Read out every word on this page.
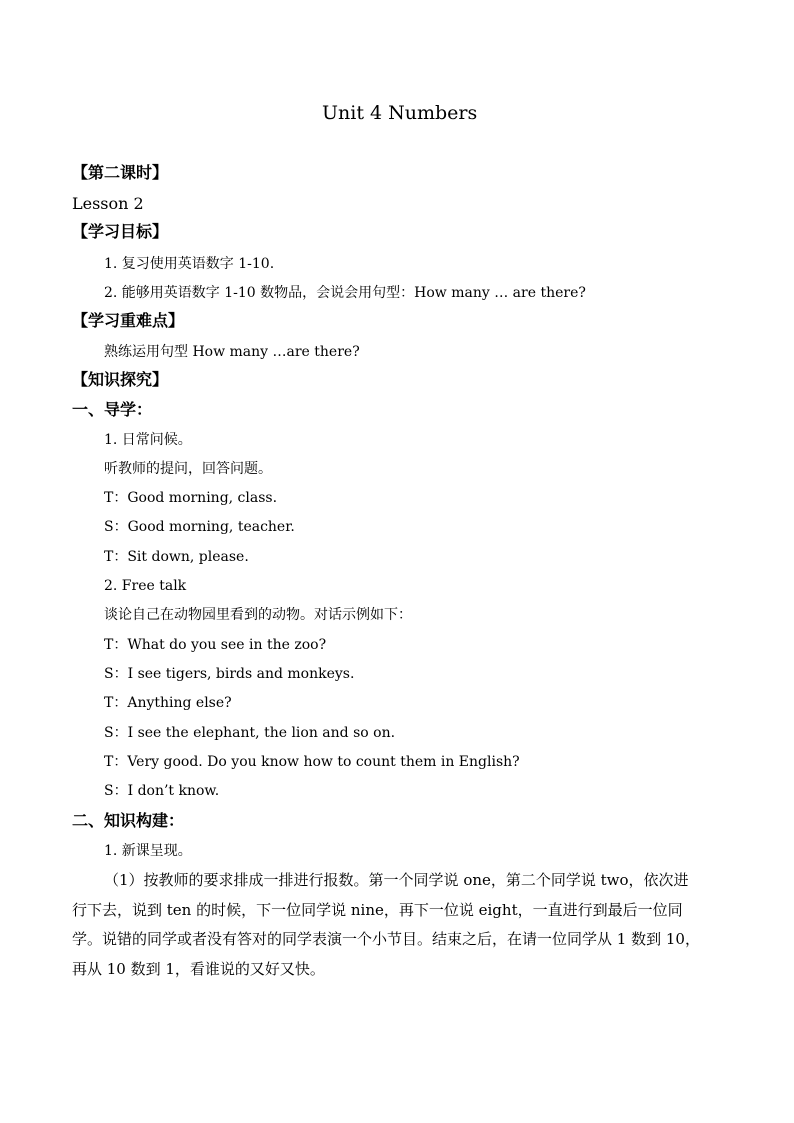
Unit 4 Numbers
【第二课时】
Lesson 2
【学习目标】
1. 复习使用英语数字 1-10.
2. 能够用英语数字 1-10 数物品，会说会用句型：How many … are there?
【学习重难点】
熟练运用句型 How many …are there?
【知识探究】
一、导学：
1. 日常问候。
听教师的提问，回答问题。
T：Good morning, class.
S：Good morning, teacher.
T：Sit down, please.
2. Free talk
谈论自己在动物园里看到的动物。对话示例如下：
T：What do you see in the zoo?
S：I see tigers, birds and monkeys.
T：Anything else?
S：I see the elephant, the lion and so on.
T：Very good. Do you know how to count them in English?
S：I don’t know.
二、知识构建：
1. 新课呈现。
（1）按教师的要求排成一排进行报数。第一个同学说 one，第二个同学说 two，依次进
行下去，说到 ten 的时候，下一位同学说 nine，再下一位说 eight，一直进行到最后一位同
学。说错的同学或者没有答对的同学表演一个小节目。结束之后，在请一位同学从 1 数到 10，
再从 10 数到 1，看谁说的又好又快。
